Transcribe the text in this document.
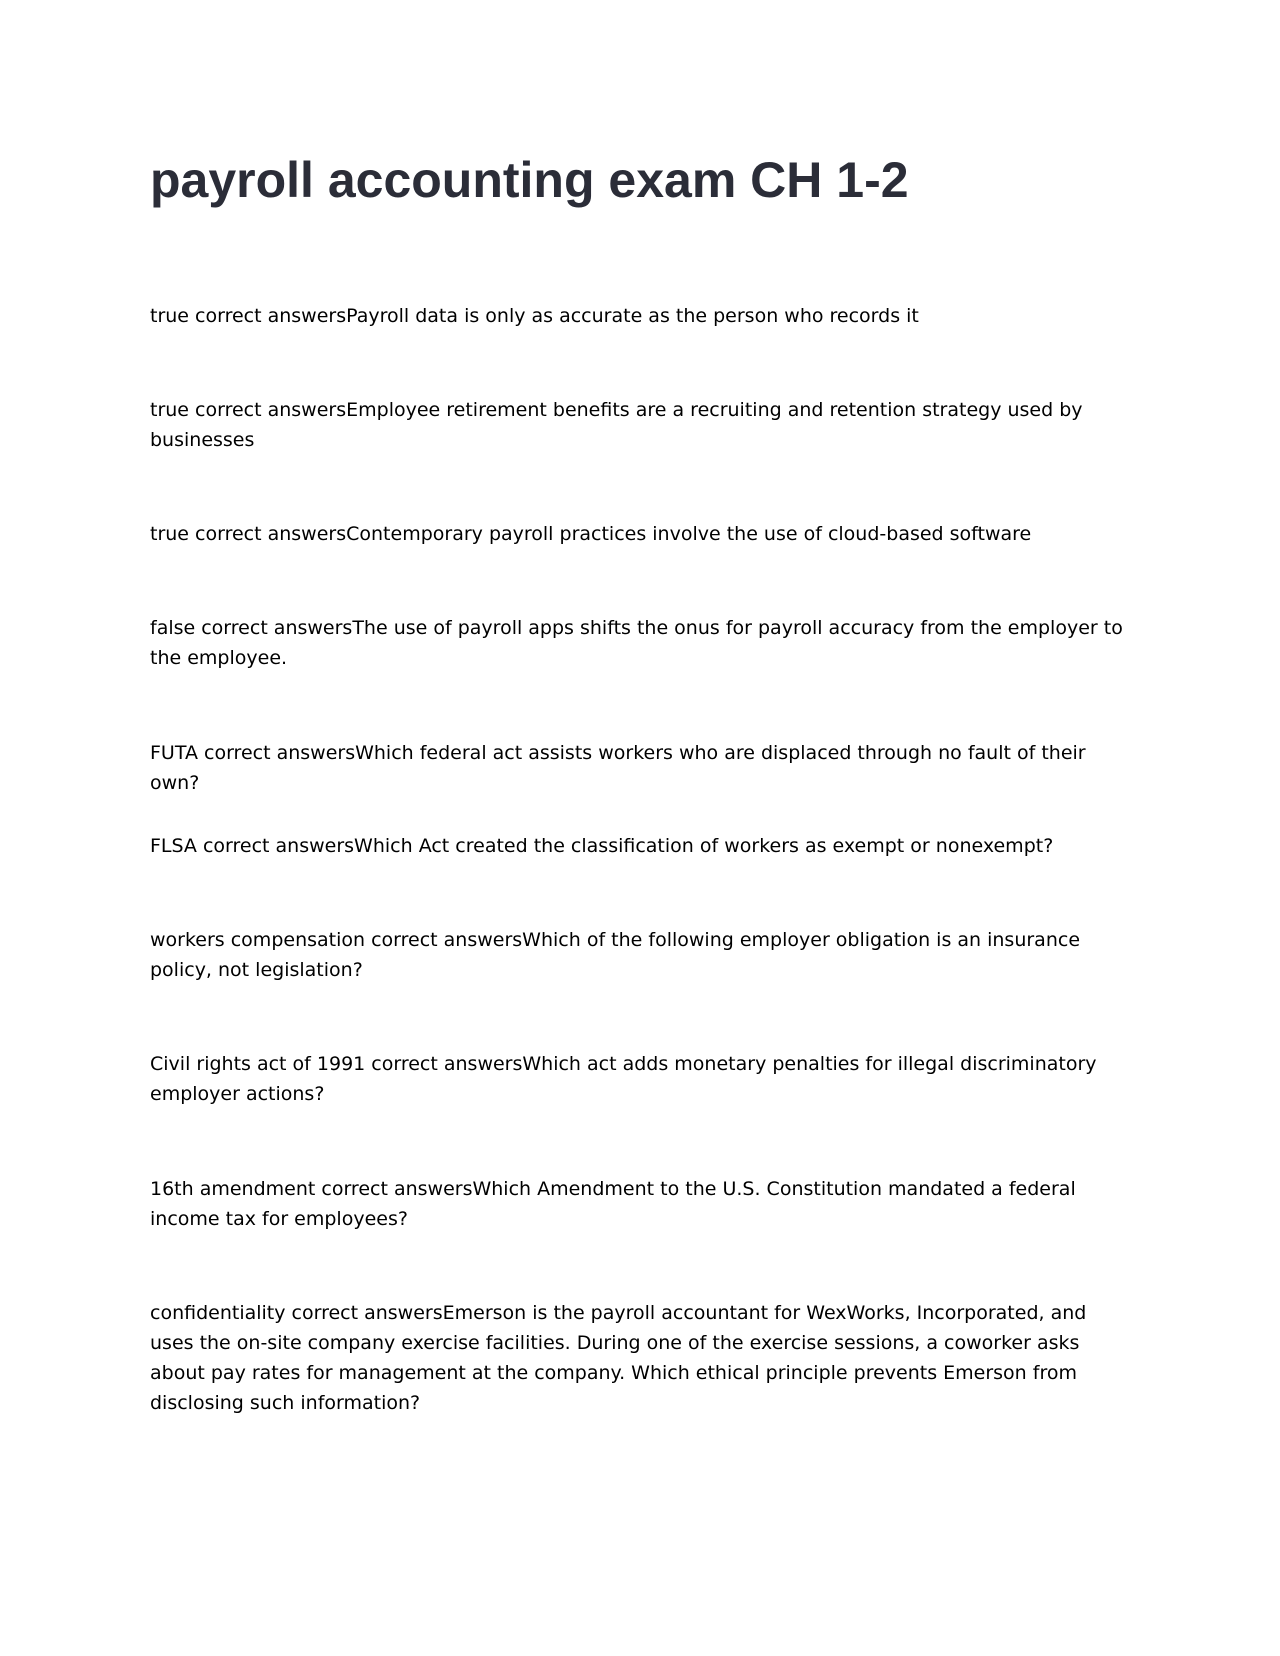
payroll accounting exam CH 1-2
true correct answersPayroll data is only as accurate as the person who records it
true correct answersEmployee retirement benefits are a recruiting and retention strategy used by businesses
true correct answersContemporary payroll practices involve the use of cloud-based software
false correct answersThe use of payroll apps shifts the onus for payroll accuracy from the employer to the employee.
FUTA correct answersWhich federal act assists workers who are displaced through no fault of their own?
FLSA correct answersWhich Act created the classification of workers as exempt or nonexempt?
workers compensation correct answersWhich of the following employer obligation is an insurance policy, not legislation?
Civil rights act of 1991 correct answersWhich act adds monetary penalties for illegal discriminatory employer actions?
16th amendment correct answersWhich Amendment to the U.S. Constitution mandated a federal income tax for employees?
confidentiality correct answersEmerson is the payroll accountant for WexWorks, Incorporated, and uses the on-site company exercise facilities. During one of the exercise sessions, a coworker asks about pay rates for management at the company. Which ethical principle prevents Emerson from disclosing such information?
